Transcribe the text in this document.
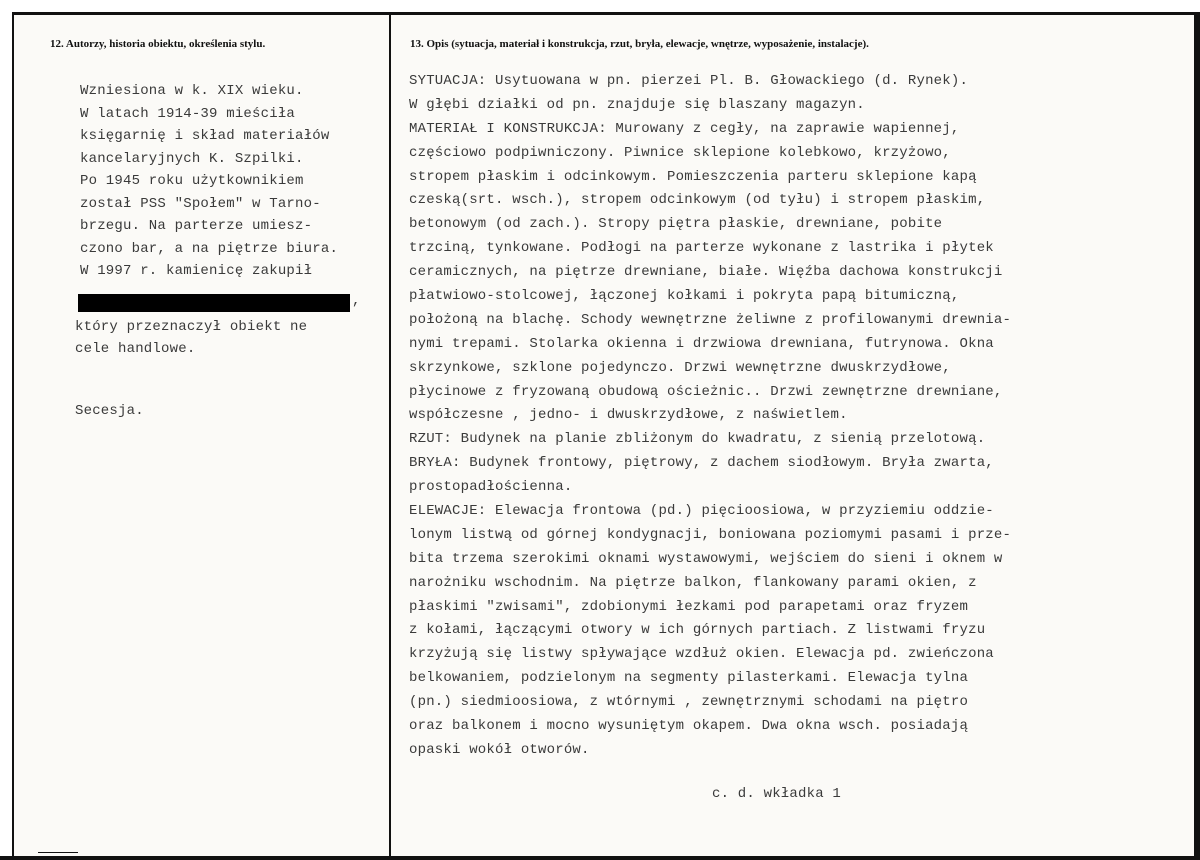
12. Autorzy, historia obiektu, określenia stylu.	13. Opis (sytuacja, materiał i konstrukcja, rzut, bryła, elewacje, wnętrze, wyposażenie, instalacje).
Wzniesiona w k. XIX wieku.
W latach 1914-39 mieściła
księgarnię i skład materiałów
kancelaryjnych K. Szpilki.
Po 1945 roku użytkownikiem
został PSS "Społem" w Tarno-
brzegu. Na parterze umiesz-
czono bar, a na piętrze biura.
W 1997 r. kamienicę zakupił
,
który przeznaczył obiekt ne
cele handlowe.
Secesja.
SYTUACJA: Usytuowana w pn. pierzei Pl. B. Głowackiego (d. Rynek).
W głębi działki od pn. znajduje się blaszany magazyn.
MATERIAŁ I KONSTRUKCJA: Murowany z cegły, na zaprawie wapiennej,
częściowo podpiwniczony. Piwnice sklepione kolebkowo, krzyżowo,
stropem płaskim i odcinkowym. Pomieszczenia parteru sklepione kapą
czeską(srt. wsch.), stropem odcinkowym (od tyłu) i stropem płaskim,
betonowym (od zach.). Stropy piętra płaskie, drewniane, pobite
trzciną, tynkowane. Podłogi na parterze wykonane z lastrika i płytek
ceramicznych, na piętrze drewniane, białe. Więźba dachowa konstrukcji
płatwiowo-stolcowej, łączonej kołkami i pokryta papą bitumiczną,
położoną na blachę. Schody wewnętrzne żeliwne z profilowanymi drewnia-
nymi trepami. Stolarka okienna i drzwiowa drewniana, futrynowa. Okna
skrzynkowe, szklone pojedynczo. Drzwi wewnętrzne dwuskrzydłowe,
płycinowe z fryzowaną obudową ościeżnic.. Drzwi zewnętrzne drewniane,
współczesne , jedno- i dwuskrzydłowe, z naświetlem.
RZUT: Budynek na planie zbliżonym do kwadratu, z sienią przelotową.
BRYŁA: Budynek frontowy, piętrowy, z dachem siodłowym. Bryła zwarta,
prostopadłościenna.
ELEWACJE: Elewacja frontowa (pd.) pięcioosiowa, w przyziemiu oddzie-
lonym listwą od górnej kondygnacji, boniowana poziomymi pasami i prze-
bita trzema szerokimi oknami wystawowymi, wejściem do sieni i oknem w
narożniku wschodnim. Na piętrze balkon, flankowany parami okien, z
płaskimi "zwisami", zdobionymi łezkami pod parapetami oraz fryzem
z kołami, łączącymi otwory w ich górnych partiach. Z listwami fryzu
krzyżują się listwy spływające wzdłuż okien. Elewacja pd. zwieńczona
belkowaniem, podzielonym na segmenty pilasterkami. Elewacja tylna
(pn.) siedmioosiowa, z wtórnymi , zewnętrznymi schodami na piętro
oraz balkonem i mocno wysuniętym okapem. Dwa okna wsch. posiadają
opaski wokół otworów.
c. d. wkładka 1
